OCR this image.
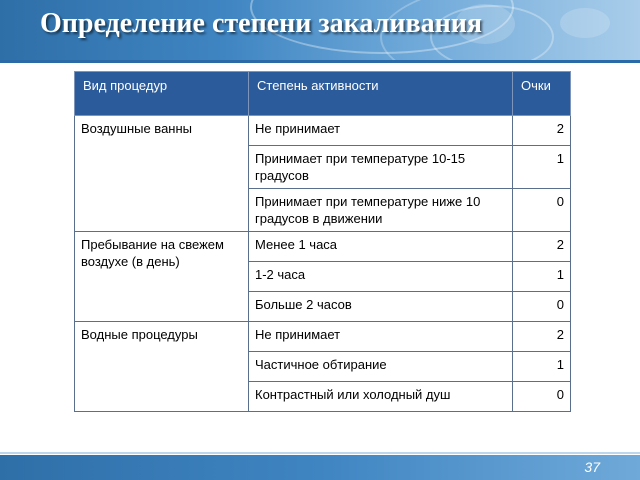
Определение степени закаливания
Вид процедур	Степень активности	Очки
Воздушные ванны	Не принимает	2
	Принимает при температуре 10-15 градусов	1
	Принимает при температуре ниже 10 градусов в движении	0
Пребывание на свежем воздухе (в день)	Менее 1 часа	2
	1-2 часа	1
	Больше 2 часов	0
Водные процедуры	Не принимает	2
	Частичное обтирание	1
	Контрастный или холодный душ	0
37
